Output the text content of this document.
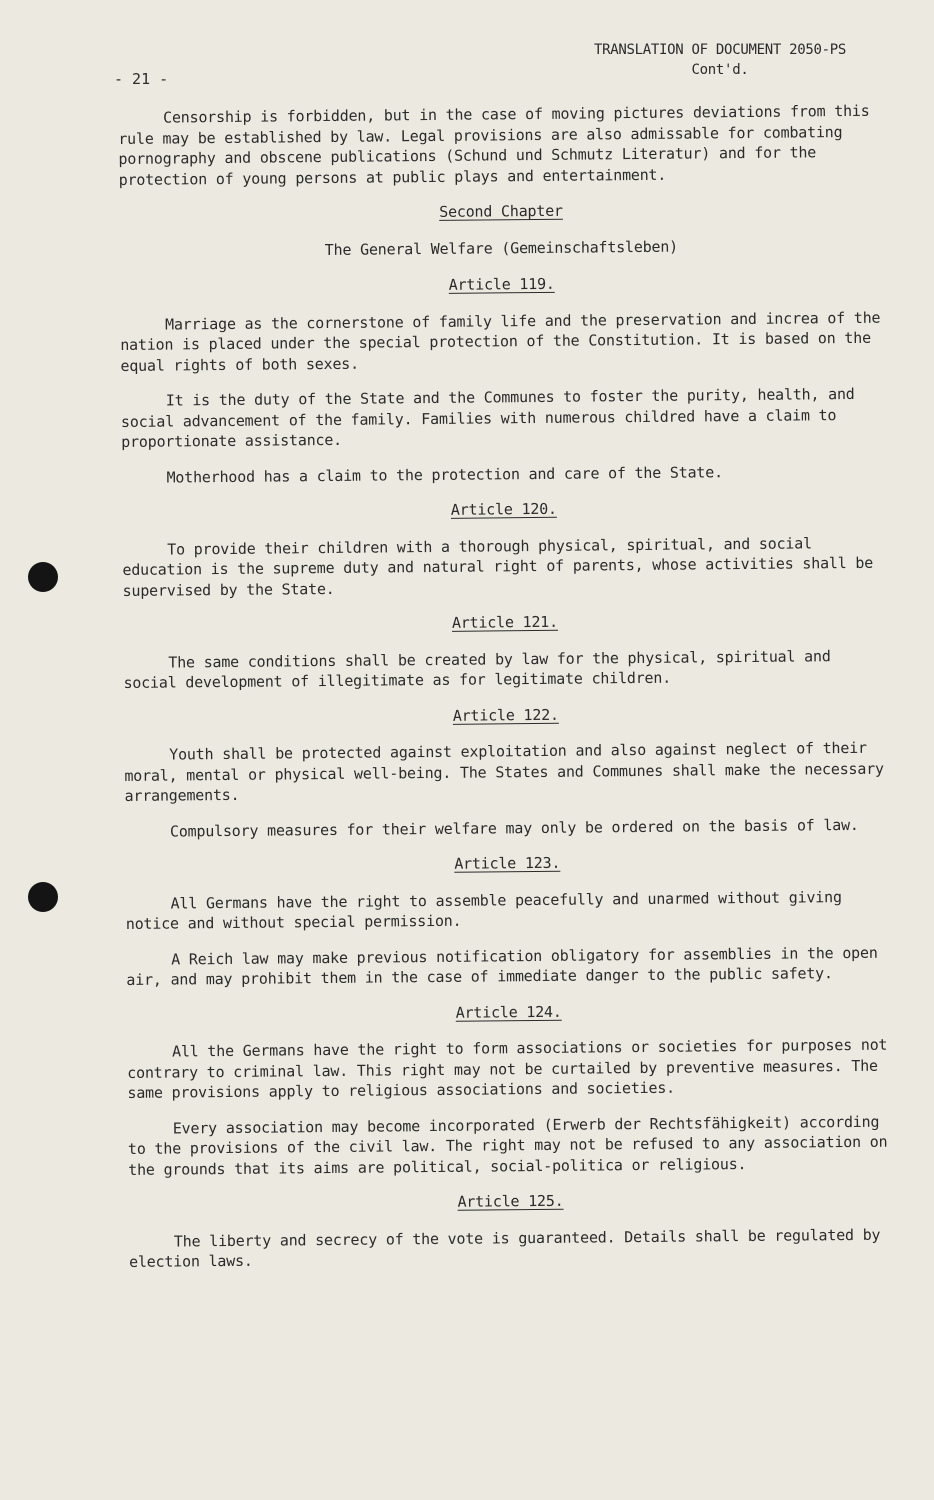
TRANSLATION OF DOCUMENT 2050-PS
Cont'd.
- 21 -
Censorship is forbidden, but in the case of moving pictures deviations from this rule may be established by law. Legal provisions are also admissable for combating pornography and obscene publications (Schund und Schmutz Literatur) and for the protection of young persons at public plays and entertainment.
Second Chapter
The General Welfare (Gemeinschaftsleben)
Article 119.
Marriage as the cornerstone of family life and the preservation and increa of the nation is placed under the special protection of the Constitution. It is based on the equal rights of both sexes.
It is the duty of the State and the Communes to foster the purity, health, and social advancement of the family. Families with numerous childred have a claim to proportionate assistance.
Motherhood has a claim to the protection and care of the State.
Article 120.
To provide their children with a thorough physical, spiritual, and social education is the supreme duty and natural right of parents, whose activities shall be supervised by the State.
Article 121.
The same conditions shall be created by law for the physical, spiritual and social development of illegitimate as for legitimate children.
Article 122.
Youth shall be protected against exploitation and also against neglect of their moral, mental or physical well-being. The States and Communes shall make the necessary arrangements.
Compulsory measures for their welfare may only be ordered on the basis of law.
Article 123.
All Germans have the right to assemble peacefully and unarmed without giving notice and without special permission.
A Reich law may make previous notification obligatory for assemblies in the open air, and may prohibit them in the case of immediate danger to the public safety.
Article 124.
All the Germans have the right to form associations or societies for purposes not contrary to criminal law. This right may not be curtailed by preventive measures. The same provisions apply to religious associations and societies.
Every association may become incorporated (Erwerb der Rechtsfähigkeit) according to the provisions of the civil law. The right may not be refused to any association on the grounds that its aims are political, social-politica or religious.
Article 125.
The liberty and secrecy of the vote is guaranteed. Details shall be regulated by election laws.
